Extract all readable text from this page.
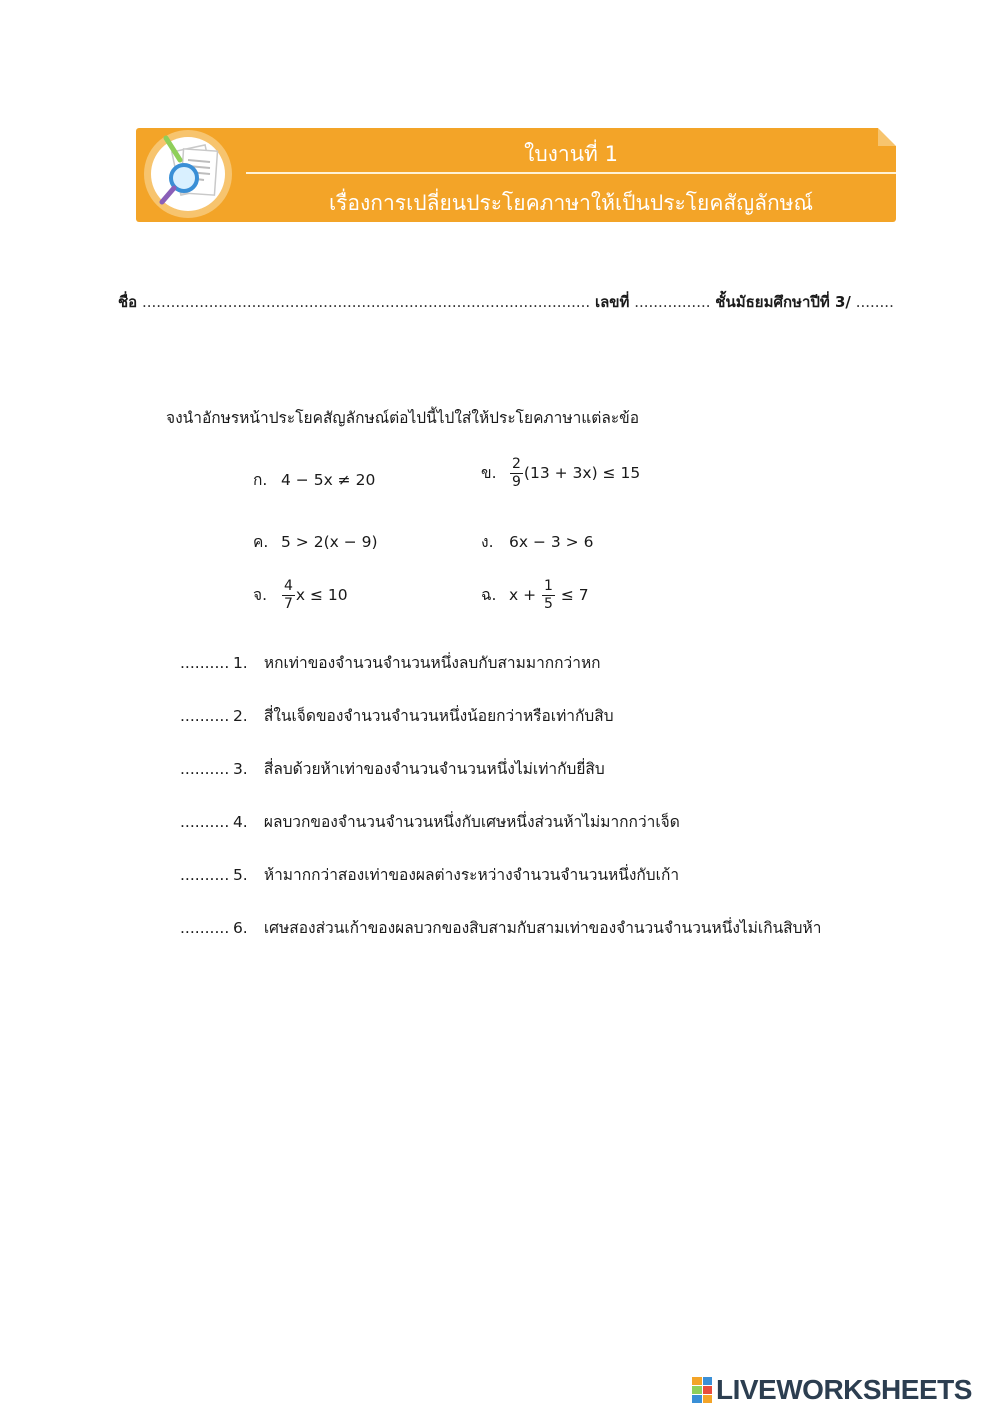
ใบงานที่ 1
เรื่องการเปลี่ยนประโยคภาษาให้เป็นประโยคสัญลักษณ์
ชื่อ .............................................................................................. เลขที่ ................ ชั้นมัธยมศึกษาปีที่ 3/ ........
จงนำอักษรหน้าประโยคสัญลักษณ์ต่อไปนี้ไปใส่ให้ประโยคภาษาแต่ละข้อ
ก. 4 − 5x ≠ 20	ข. $\frac{2}{9} (13 + 3x) \le 15$
ค. 5 > 2(x − 9)	ง. 6x − 3 > 6
จ. $\frac{4}{7}$ x ≤ 10	ฉ. $x + \frac{1}{5} \le 7$
.......... 1. หกเท่าของจำนวนจำนวนหนึ่งลบกับสามมากกว่าหก
.......... 2. สี่ในเจ็ดของจำนวนจำนวนหนึ่งน้อยกว่าหรือเท่ากับสิบ
.......... 3. สี่ลบด้วยห้าเท่าของจำนวนจำนวนหนึ่งไม่เท่ากับยี่สิบ
.......... 4. ผลบวกของจำนวนจำนวนหนึ่งกับเศษหนึ่งส่วนห้าไม่มากกว่าเจ็ด
.......... 5. ห้ามากกว่าสองเท่าของผลต่างระหว่างจำนวนจำนวนหนึ่งกับเก้า
.......... 6. เศษสองส่วนเก้าของผลบวกของสิบสามกับสามเท่าของจำนวนจำนวนหนึ่งไม่เกินสิบห้า
LIVEWORKSHEETS
